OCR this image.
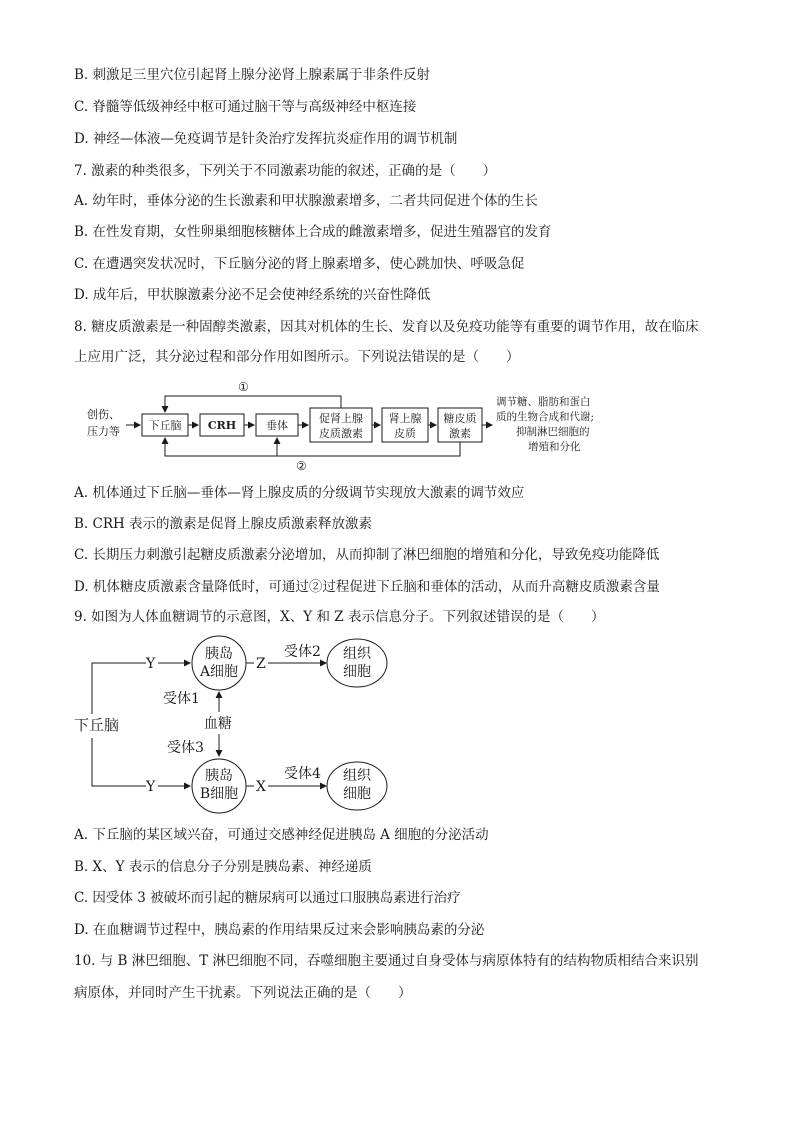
B. 刺激足三里穴位引起肾上腺分泌肾上腺素属于非条件反射
C. 脊髓等低级神经中枢可通过脑干等与高级神经中枢连接
D. 神经—体液—免疫调节是针灸治疗发挥抗炎症作用的调节机制
7. 激素的种类很多，下列关于不同激素功能的叙述，正确的是（　　）
A. 幼年时，垂体分泌的生长激素和甲状腺激素增多，二者共同促进个体的生长
B. 在性发育期，女性卵巢细胞核糖体上合成的雌激素增多，促进生殖器官的发育
C. 在遭遇突发状况时，下丘脑分泌的肾上腺素增多，使心跳加快、呼吸急促
D. 成年后，甲状腺激素分泌不足会使神经系统的兴奋性降低
8. 糖皮质激素是一种固醇类激素，因其对机体的生长、发育以及免疫功能等有重要的调节作用，故在临床
上应用广泛，其分泌过程和部分作用如图所示。下列说法错误的是（　　）
创伤、
压力等	下丘脑 CRH	垂体
促肾上腺
皮质激素
肾上腺
皮质
糖皮质
激素
调节糖、脂肪和蛋白
质的生物合成和代谢;
抑制淋巴细胞的
增殖和分化
①
②
A. 机体通过下丘脑—垂体—肾上腺皮质的分级调节实现放大激素的调节效应
B. CRH 表示的激素是促肾上腺皮质激素释放激素
C. 长期压力刺激引起糖皮质激素分泌增加，从而抑制了淋巴细胞的增殖和分化，导致免疫功能降低
D. 机体糖皮质激素含量降低时，可通过②过程促进下丘脑和垂体的活动，从而升高糖皮质激素含量
9. 如图为人体血糖调节的示意图，X、Y 和 Z 表示信息分子。下列叙述错误的是（　　）
下丘脑
Y
Y
胰岛
A细胞 Z
受体2 组织
细胞
受体1
血糖
受体3
胰岛
B细胞 X
受体4 组织
细胞
A. 下丘脑的某区域兴奋，可通过交感神经促进胰岛 A 细胞的分泌活动
B. X、Y 表示的信息分子分别是胰岛素、神经递质
C. 因受体 3 被破坏而引起的糖尿病可以通过口服胰岛素进行治疗
D. 在血糖调节过程中，胰岛素的作用结果反过来会影响胰岛素的分泌
10. 与 B 淋巴细胞、T 淋巴细胞不同，吞噬细胞主要通过自身受体与病原体特有的结构物质相结合来识别
病原体，并同时产生干扰素。下列说法正确的是（　　）
